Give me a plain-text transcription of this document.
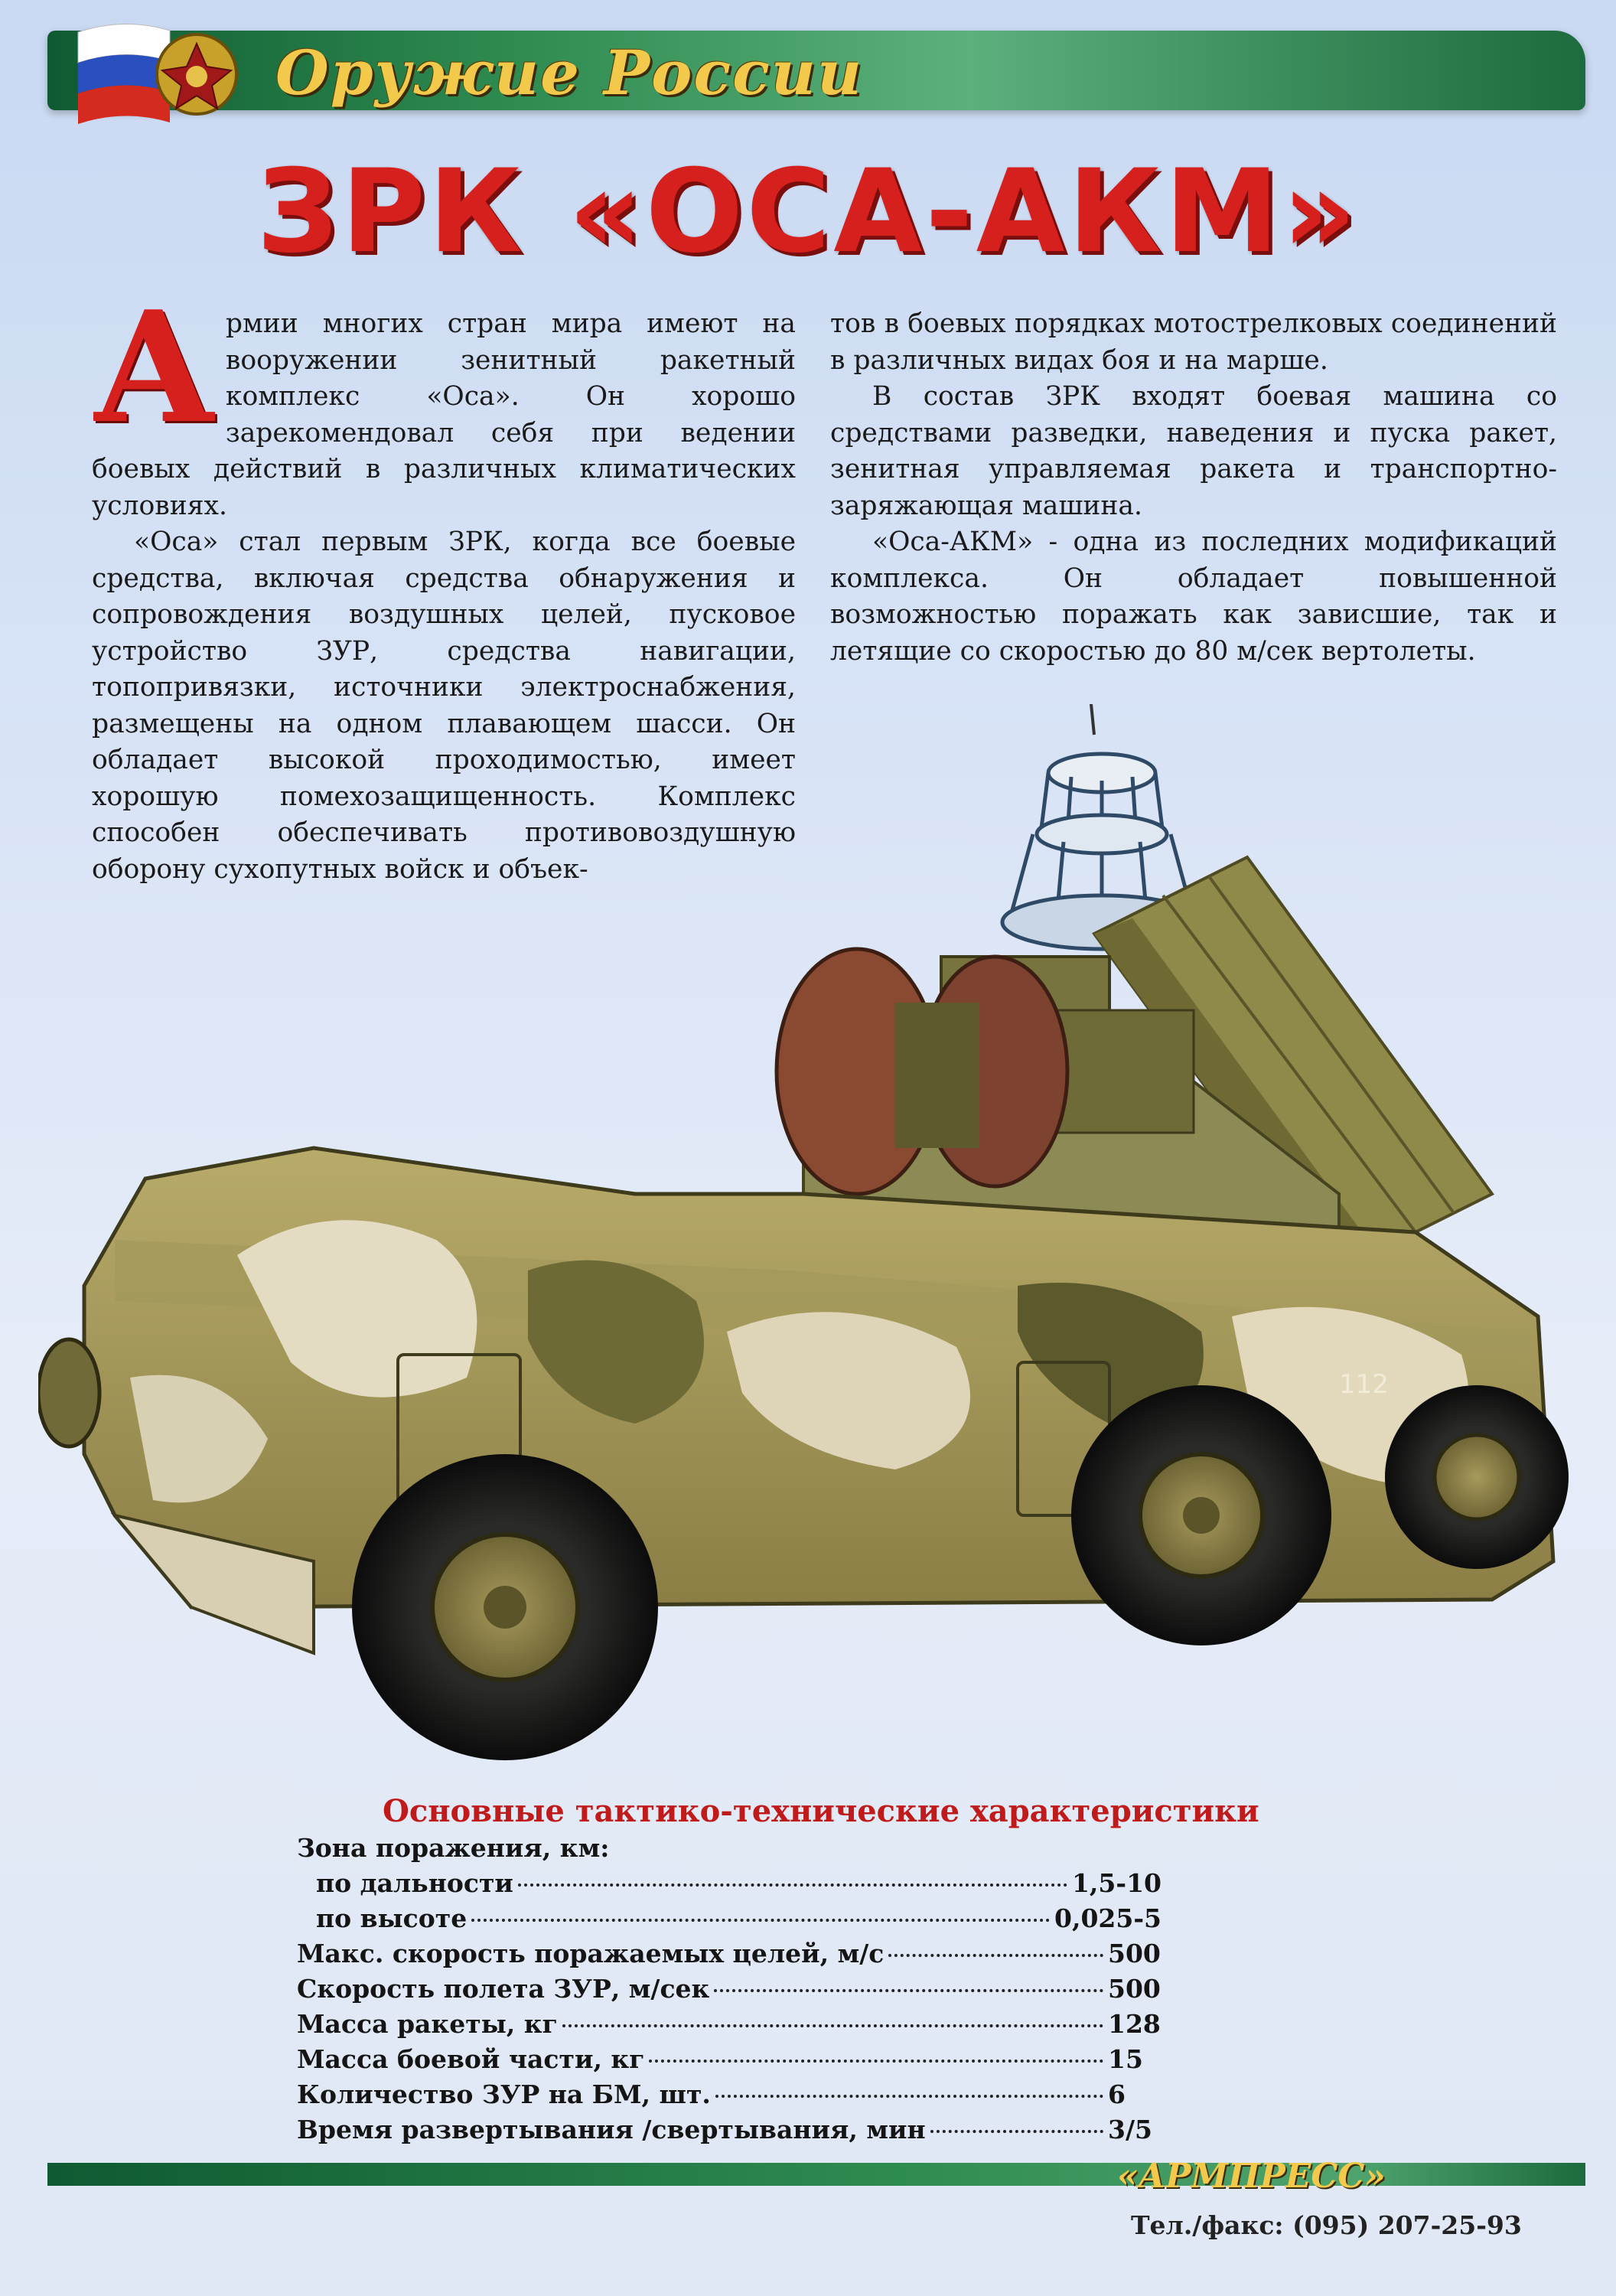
Оружие России
ЗРК «ОСА-АКМ»

Армии многих стран мира имеют на вооружении зенитный ракетный комплекс «Оса». Он хорошо зарекомендовал себя при ведении боевых действий в различных климатических условиях.

«Оса» стал первым ЗРК, когда все боевые средства, включая средства обнаружения и сопровождения воздушных целей, пусковое устройство ЗУР, средства навигации, топопривязки, источники электроснабжения, размещены на одном плавающем шасси. Он обладает высокой проходимостью, имеет хорошую помехозащищенность. Комплекс способен обеспечивать противовоздушную оборону сухопутных войск и объек-

тов в боевых порядках мотострелковых соединений в различных видах боя и на марше.

В состав ЗРК входят боевая машина со средствами разведки, наведения и пуска ракет, зенитная управляемая ракета и транспортно-заряжающая машина.

«Оса-АКМ» - одна из последних модификаций комплекса. Он обладает повышенной возможностью поражать как зависшие, так и летящие со скоростью до 80 м/сек вертолеты.

112
Основные тактико-технические характеристики
Зона поражения, км:
по дальности	1,5-10
по высоте	0,025-5
Макс. скорость поражаемых целей, м/с	500
Скорость полета ЗУР, м/сек	500
Масса ракеты, кг	128
Масса боевой части, кг	15
Количество ЗУР на БМ, шт.	6
Время развертывания /свертывания, мин	3/5
«АРМПРЕСС»
Тел./факс: (095) 207-25-93
